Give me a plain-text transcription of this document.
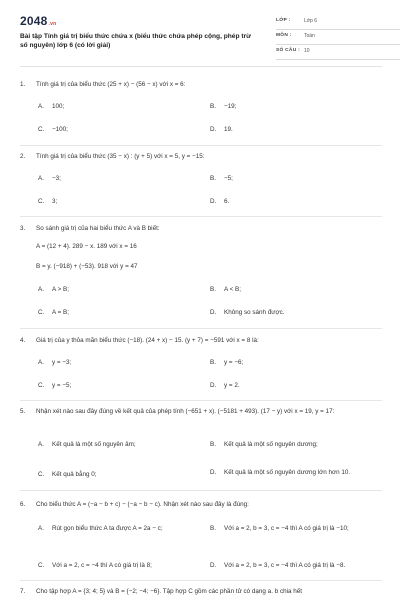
2048.vn
Bài tập Tính giá trị biểu thức chứa x (biểu thức chứa phép cộng, phép trừ số nguyên) lớp 6 (có lời giải)
LỚP :	Lớp 6
MÔN : Toán
SỐ CÂU : 10
1. Tính giá trị của biểu thức (25 + x) − (56 − x) với x = 6:
A.	100;	B.	−19;
C.	−100;	D.	19.
2. Tính giá trị của biểu thức (35 − x) : (y + 5) với x = 5, y = −15:
A.	−3;	B.	−5;
C.	3;	D.	6.
3. So sánh giá trị của hai biểu thức A và B biết:
A = (12 + 4). 289 − x. 189 với x = 16
B = y. (−918) + (−53). 918 với y = 47
A.	A > B;	B.	A < B;
C.	A = B;	D.	Không so sánh được.
4. Giá trị của y thỏa mãn biểu thức (−18). (24 + x) − 15. (y + 7) = −591 với x = 8 là:
A.	y = −3;	B.	y = −6;
C.	y = −5;	D.	y = 2.
5. Nhận xét nào sau đây đúng về kết quả của phép tính (−651 + x). (−5181 + 493). (17 − y) với x = 19, y = 17:
A.	Kết quả là một số nguyên âm;	B.	Kết quả là một số nguyên dương;
C.	Kết quả bằng 0;	D.	Kết quả là một số nguyên dương lớn hơn 10.
6. Cho biểu thức A = (−a − b + c) − (−a − b − c). Nhận xét nào sau đây là đúng:
A.	Rút gọn biểu thức A ta được A = 2a − c;	B.	Với a = 2, b = 3, c = −4 thì A có giá trị là −10;
C.	Với a = 2, c = −4 thì A có giá trị là 8;	D.	Với a = 2, b = 3, c = −4 thì A có giá trị là −8.
7. Cho tập hợp A = {3; 4; 5} và B = {−2; −4; −6}. Tập hợp C gồm các phần tử có dạng a. b chia hết
